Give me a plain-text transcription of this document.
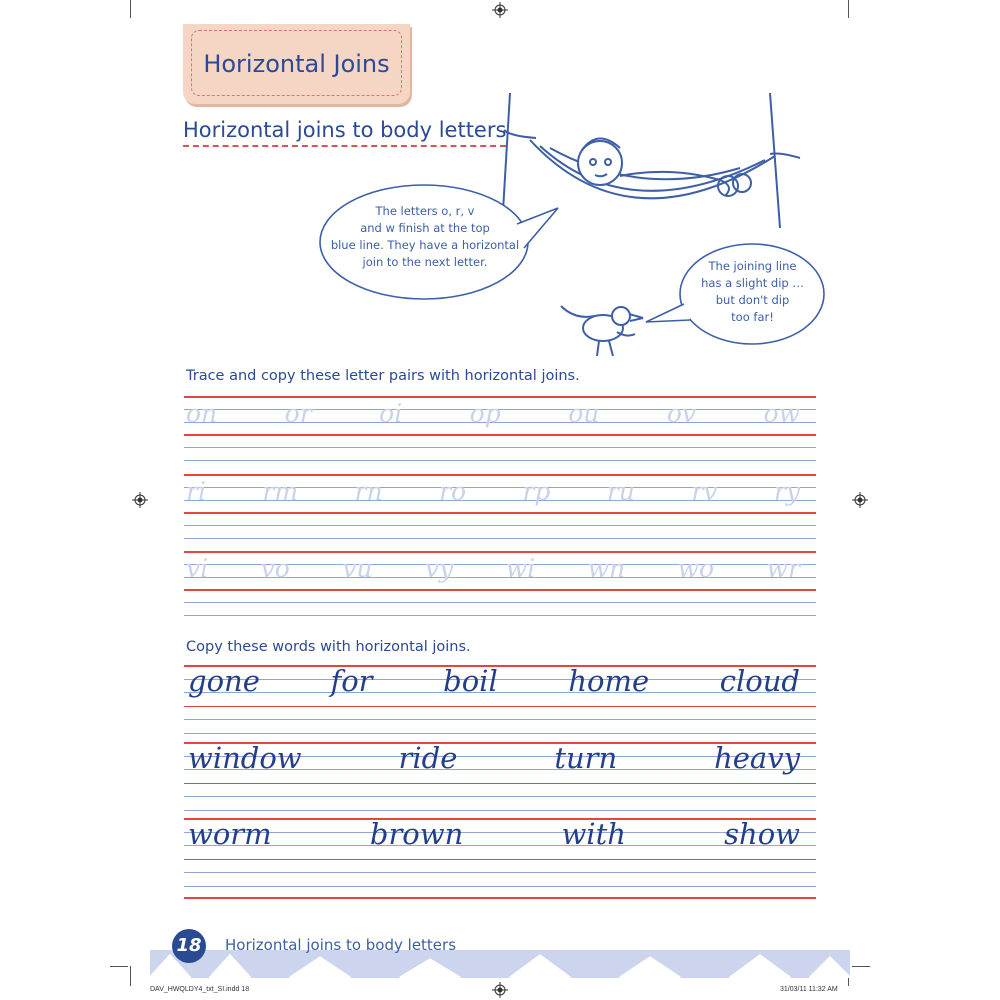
Horizontal Joins
Horizontal joins to body letters
The letters o, r, v
and w finish at the top
blue line. They have a horizontal
join to the next letter.	The joining line
has a slight dip …
but don't dip
too far!
Trace and copy these letter pairs with horizontal joins.
on	or	oi	op	ou	ov	ow
ri rm rn ro rp ru rv ry
vi vo vu vy wi wn wo wr
Copy these words with horizontal joins.
gone for boil home cloud
window	ride	turn	heavy
worm	brown	with	show
18 Horizontal joins to body letters
DAV_HWQLDY4_txt_SI.indd 18	31/03/11 11:32 AM
